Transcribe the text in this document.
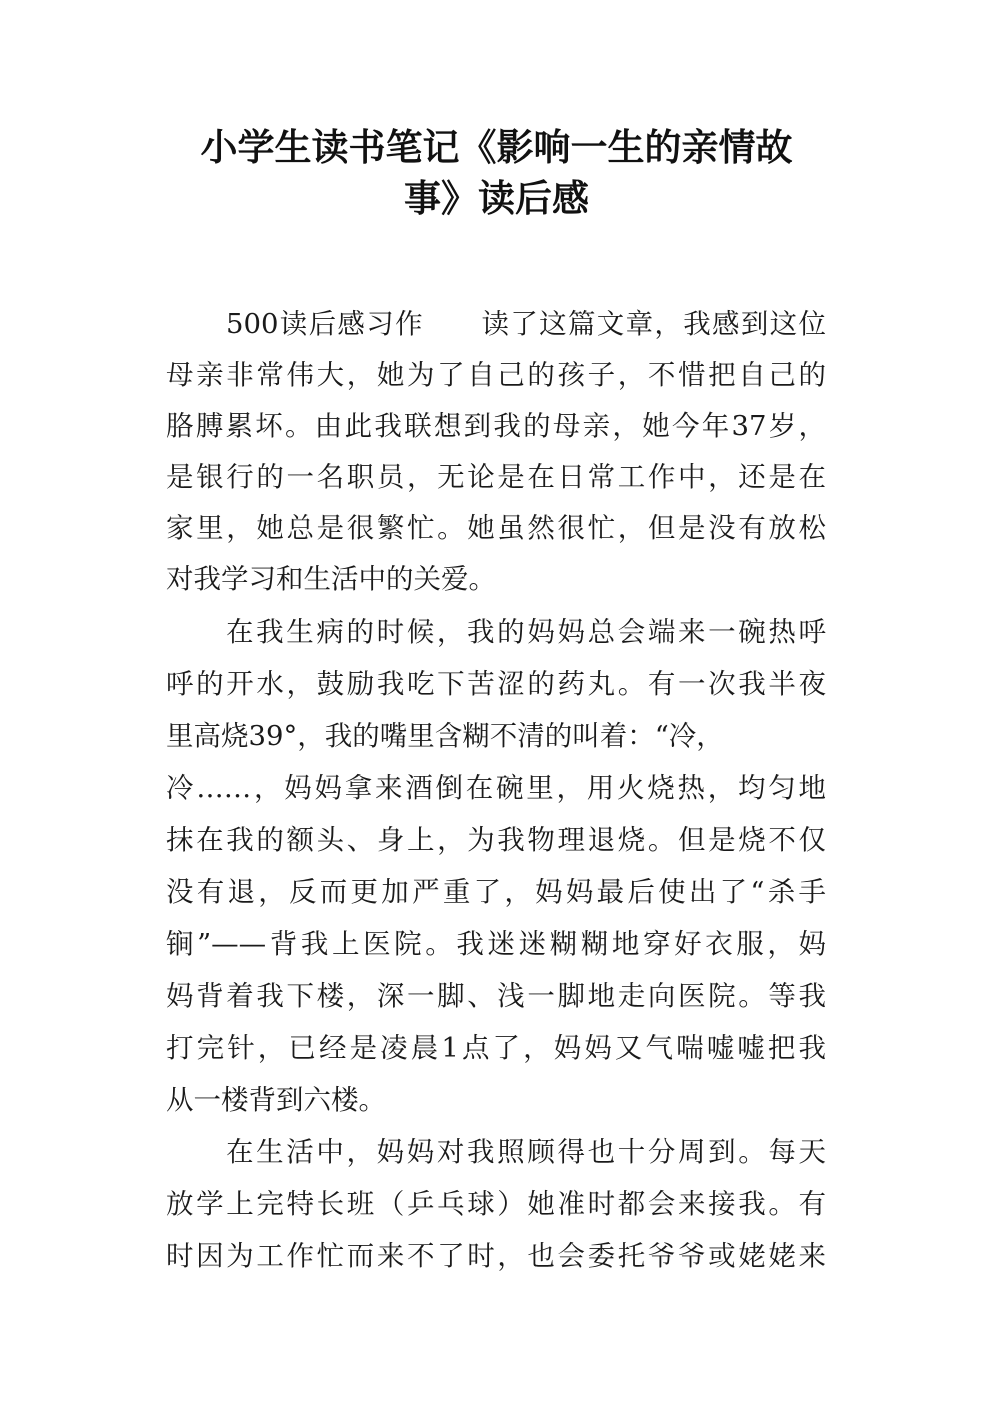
小学生读书笔记《影响一生的亲情故
事》读后感

500读后感习作　　读了这篇文章，我感到这位

母亲非常伟大，她为了自己的孩子，不惜把自己的

胳膊累坏。由此我联想到我的母亲，她今年37岁，

是银行的一名职员，无论是在日常工作中，还是在

家里，她总是很繁忙。她虽然很忙，但是没有放松

对我学习和生活中的关爱。

在我生病的时候，我的妈妈总会端来一碗热呼

呼的开水，鼓励我吃下苦涩的药丸。有一次我半夜

里高烧39°，我的嘴里含糊不清的叫着：“冷，

冷……，妈妈拿来酒倒在碗里，用火烧热，均匀地

抹在我的额头、身上，为我物理退烧。但是烧不仅

没有退，反而更加严重了，妈妈最后使出了“杀手

锏”——背我上医院。我迷迷糊糊地穿好衣服，妈

妈背着我下楼，深一脚、浅一脚地走向医院。等我

打完针，已经是凌晨1点了，妈妈又气喘嘘嘘把我

从一楼背到六楼。

在生活中，妈妈对我照顾得也十分周到。每天

放学上完特长班（乒乓球）她准时都会来接我。有

时因为工作忙而来不了时，也会委托爷爷或姥姥来
